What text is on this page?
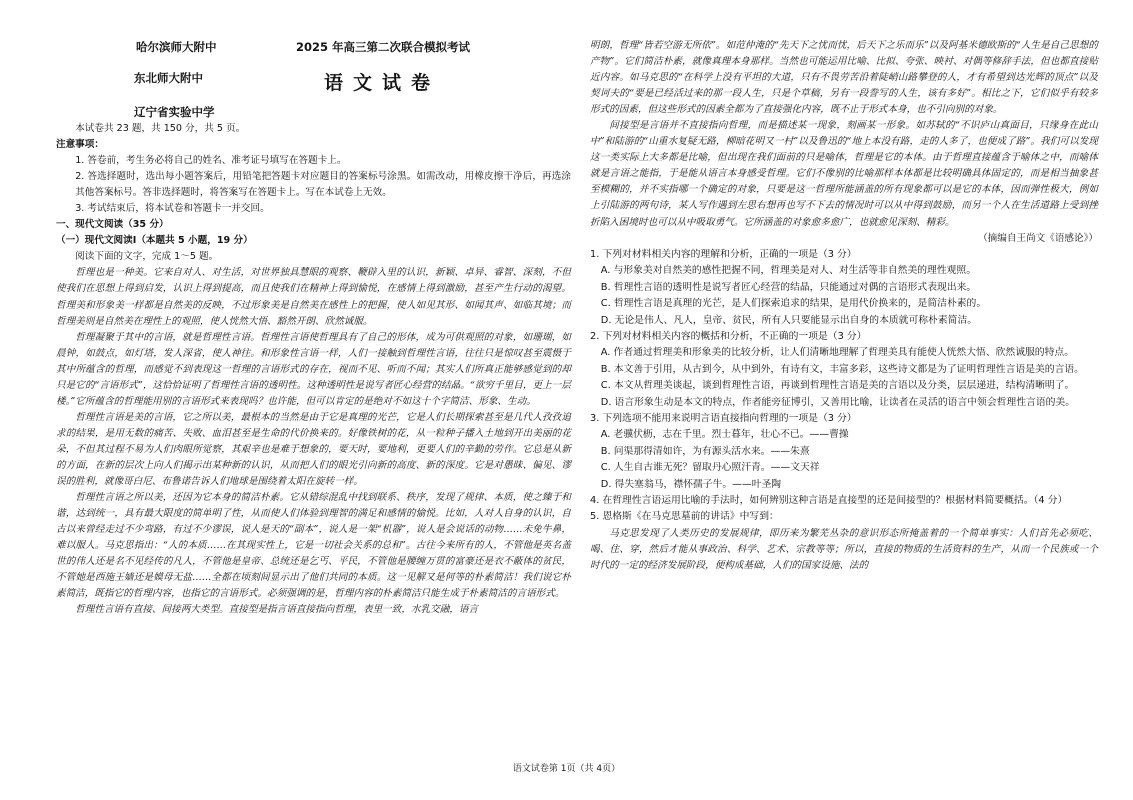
哈尔滨师大附中
东北师大附中
辽宁省实验中学
2025 年高三第二次联合模拟考试
语文试卷

本试卷共 23 题，共 150 分，共 5 页。

注意事项：

1. 答卷前，考生务必将自己的姓名、准考证号填写在答题卡上。

2. 答选择题时，选出每小题答案后，用铅笔把答题卡对应题目的答案标号涂黑。如需改动，用橡皮擦干净后，再选涂其他答案标号。答非选择题时，将答案写在答题卡上。写在本试卷上无效。

3. 考试结束后，将本试卷和答题卡一并交回。

一、现代文阅读（35 分）

（一）现代文阅读Ⅰ（本题共 5 小题，19 分）

阅读下面的文字，完成 1～5 题。

哲理也是一种美。它来自对人、对生活，对世界独具慧眼的观察、鞭辟入里的认识，新颖、卓异、睿智、深刻，不但使我们在思想上得到启发，认识上得到提高，而且使我们在精神上得到愉悦，在感情上得到激励，甚至产生行动的渴望。哲理美和形象美一样都是自然美的反映，不过形象美是自然美在感性上的把握，使人如见其形、如闻其声、如临其境；而哲理美则是自然美在理性上的观照，使人恍然大悟、豁然开朗、欣然诚服。

哲理凝聚于其中的言语，就是哲理性言语。哲理性言语使哲理具有了自己的形体，成为可供观照的对象，如珊瑚，如晨钟，如鼓点，如灯塔，发人深省，使人神往。和形象性言语一样，人们一接触到哲理性言语，往往只是惊叹甚至震慑于其中所蕴含的哲理，而感觉不到表现这一哲理的言语形式的存在，视而不见、听而不闻；其实人们所真正能够感觉到的却只是它的“言语形式”，这恰恰证明了哲理性言语的透明性。这种透明性是说写者匠心经营的结晶。“欲穷千里目，更上一层楼。”它所蕴含的哲理能用别的言语形式来表现吗？也许能，但可以肯定的是绝对不如这十个字简洁、形象、生动。

哲理性言语是美的言语，它之所以美，最根本的当然是由于它是真理的光芒，它是人们长期探索甚至是几代人孜孜追求的结果，是用无数的痛苦、失败、血泪甚至是生命的代价换来的。好像铁树的花，从一粒种子播入土地到开出美丽的花朵，不但其过程不易为人们肉眼所觉察，其艰辛也是难于想象的，要天时，要地利，更要人们的辛勤的劳作。它总是从新的方面，在新的层次上向人们揭示出某种新的认识，从而把人们的眼光引向新的高度、新的深度。它是对愚昧、偏见、谬误的胜利，就像哥白尼、布鲁诺告诉人们地球是围绕着太阳在旋转一样。

哲理性言语之所以美，还因为它本身的简洁朴素。它从错综混乱中找到联系、秩序，发现了规律、本质，使之臻于和谐，达到统一，具有最大限度的简单明了性，从而使人们体验到理智的满足和感情的愉悦。比如，人对人自身的认识，自古以来曾经走过不少弯路，有过不少谬误，说人是天的“副本”，说人是一架“机器”，说人是会说话的动物……未免牛鼻，难以服人。马克思指出：“人的本质……在其现实性上，它是一切社会关系的总和”。古往今来所有的人，不管他是英名盖世的伟人还是名不见经传的凡人，不管他是皇帝、总统还是乞丐、平民，不管他是腰缠万贯的富豪还是衣不蔽体的贫民，不管她是西施王嫱还是嫫母无盐……全都在顷刻间显示出了他们共同的本质。这一见解又是何等的朴素简洁！我们说它朴素简洁，既指它的哲理内容，也指它的言语形式。必须强调的是，哲理内容的朴素简洁只能生成于朴素简洁的言语形式。

哲理性言语有直接、间接两大类型。直接型是指言语直接指向哲理，表里一致，水乳交融，语言

明朗，哲理“皆若空游无所依”。如范仲淹的“先天下之忧而忧，后天下之乐而乐”以及阿基米德欧斯的“人生是自己思想的产物”。它们简洁朴素，就像真理本身那样。当然也可能运用比喻、比拟、夸张、映衬、对偶等修辞手法，但也都直接贴近内容。如马克思的“在科学上没有平坦的大道，只有不畏劳苦沿着陡峭山路攀登的人，才有希望到达光辉的顶点”以及契诃夫的“要是已经活过来的那一段人生，只是个草稿，另有一段誊写的人生，该有多好”。相比之下，它们似乎有较多形式的因素，但这些形式的因素全都为了直接强化内容，既不止于形式本身，也不引向别的对象。

间接型是言语并不直接指向哲理，而是描述某一现象，刻画某一形象。如苏轼的“不识庐山真面目，只缘身在此山中”和陆游的“山重水复疑无路，柳暗花明又一村”以及鲁迅的“地上本没有路，走的人多了，也便成了路”。我们可以发现这一类实际上大多都是比喻，但出现在我们面前的只是喻体，哲理是它的本体。由于哲理直接蕴含于喻体之中，而喻体就是言语之能指，于是能从语言本身感受哲理。它们不像别的比喻那样本体都是比较明确具体固定的，而是相当抽象甚至模糊的，并不实指哪一个确定的对象，只要是这一哲理所能涵盖的所有现象都可以是它的本体，因而弹性极大，例如上引陆游的两句诗，某人写作遇到左思右想再也写不下去的情况时可以从中得到鼓励，而另一个人在生活道路上受到挫折陷入困境时也可以从中吸取勇气。它所涵盖的对象愈多愈广，也就愈见深刻、精彩。

（摘编自王尚文《语感论》）

1. 下列对材料相关内容的理解和分析，正确的一项是（3 分）

A. 与形象美对自然美的感性把握不同，哲理美是对人、对生活等非自然美的理性观照。

B. 哲理性言语的透明性是说写者匠心经营的结晶，只能通过对偶的言语形式表现出来。

C. 哲理性言语是真理的光芒，是人们探索追求的结果，是用代价换来的，是简洁朴素的。

D. 无论是伟人、凡人，皇帝、贫民，所有人只要能显示出自身的本质就可称朴素简洁。

2. 下列对材料相关内容的概括和分析，不正确的一项是（3 分）

A. 作者通过哲理美和形象美的比较分析，让人们清晰地理解了哲理美具有能使人恍然大悟、欣然诚服的特点。

B. 本文善于引用，从古到今，从中到外，有诗有文，丰富多彩，这些诗文都是为了证明哲理性言语是美的言语。

C. 本文从哲理美谈起，谈到哲理性言语，再谈到哲理性言语是美的言语以及分类，层层递进，结构清晰明了。

D. 语言形象生动是本文的特点，作者能旁征博引，又善用比喻，让读者在灵活的语言中领会哲理性言语的美。

3. 下列选项不能用来说明言语直接指向哲理的一项是（3 分）

A. 老骥伏枥，志在千里。烈士暮年，壮心不已。——曹操

B. 问渠那得清如许，为有源头活水来。——朱熹

C. 人生自古谁无死？留取丹心照汗青。——文天祥

D. 得失塞翁马，襟怀孺子牛。——叶圣陶

4. 在哲理性言语运用比喻的手法时，如何辨别这种言语是直接型的还是间接型的？根据材料简要概括。（4 分）

5. 恩格斯《在马克思墓前的讲话》中写到：

马克思发现了人类历史的发展规律，即历来为繁芜丛杂的意识形态所掩盖着的一个简单事实：人们首先必须吃、喝、住、穿，然后才能从事政治、科学、艺术、宗教等等；所以，直接的物质的生活资料的生产，从而一个民族或一个时代的一定的经济发展阶段，便构成基础，人们的国家设施、法的

语文试卷第 1页（共 4页）
